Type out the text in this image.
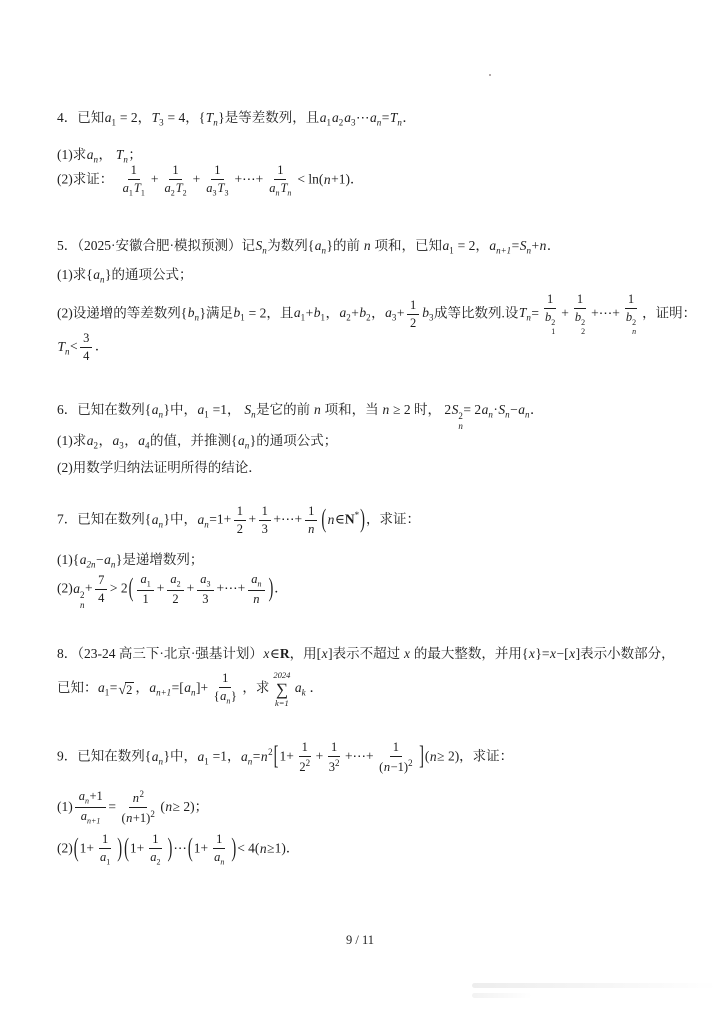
4．已知$a_1 = 2$，$T_3 = 4$，$\{T_n\}$是等差数列，且$a_1a_2a_3\cdots a_n=T_n$．
(1)求$a_n$， $T_n$；
(2)求证： $\frac{1}{a_1T_1} + \frac{1}{a_2T_2} + \frac{1}{a_3T_3}$ +⋯+ $\frac{1}{a_nT_n} < \ln(n+1)$．
5．（2025·安徽合肥·模拟预测）记$S_n$为数列$\{a_n\}$的前 n 项和，已知$a_1 = 2$，$a_{n+1}=S_n+n$．
(1)求$\{a_n\}$的通项公式；
(2)设递增的等差数列$\{b_n\}$满足$b_1 = 2$，且$a_1+b_1$，$a_2+b_2$，$a_3+ \frac{1}{2} b_3$成等比数列.设$T_n= 1$
b 2
1 + 1
b 2
2 +⋯+ 1
b 2
n ，证明：
$T_n< \frac{3}{4}$ ．
6．已知在数列$\{a_n\}$中，$a_1 =1$， $S_n$是它的前 n 项和，当 n ≥ 2 时， 2S 2
n
= $2a_n\cdot S_n-a_n$．
(1)求$a_2$，$a_3$，$a_4$的值，并推测$\{a_n\}$的通项公式；
(2)用数学归纳法证明所得的结论．
7．已知在数列$\{a_n\}$中，$a_n=1+ \frac{1}{2} + \frac{1}{3}$ +⋯+ $\frac{1}{n}$ ( n∈N*)，求证：
$(1)\{a_{2n}-a_n\}$是递增数列；
(2)a 2
n
+ $\frac{7}{4} > 2( \frac{a_1}{1} + \frac{a_2}{2} + \frac{a_3}{3}$ +⋯+ $\frac{a_n}{n}$ )．
8．（23-24 高三下·北京·强基计划）x∈R，用[x]表示不超过 x 的最大整数，并用{x}=x−[x]表示小数部分，
已知：$a_1=$ √ 2 ，$a_{n+1}=[a_n]+ \frac{1}{\{a_n\}}$ ，求
2024
∑
k=1
$a_k$ ．
9．已知在数列$\{a_n\}$中，$a_1 =1$，$a_n=n^2[1+ \frac{1}{2^2} + \frac{1}{3^2}$ +⋯+ $\frac{1}{(n-1)^2} ](n\ge 2)$，求证：
$(1) \frac{a_n+1}{a_{n+1}} = \frac{n^2}{(n+1)^2} (n\ge 2)$；
$(2)(1+ \frac{1}{a_1}$ ) ($1+ \frac{1}{a_2}$ )⋯(1+ $\frac{1}{a_n}$ )< 4(n≥1)．
9 / 11
